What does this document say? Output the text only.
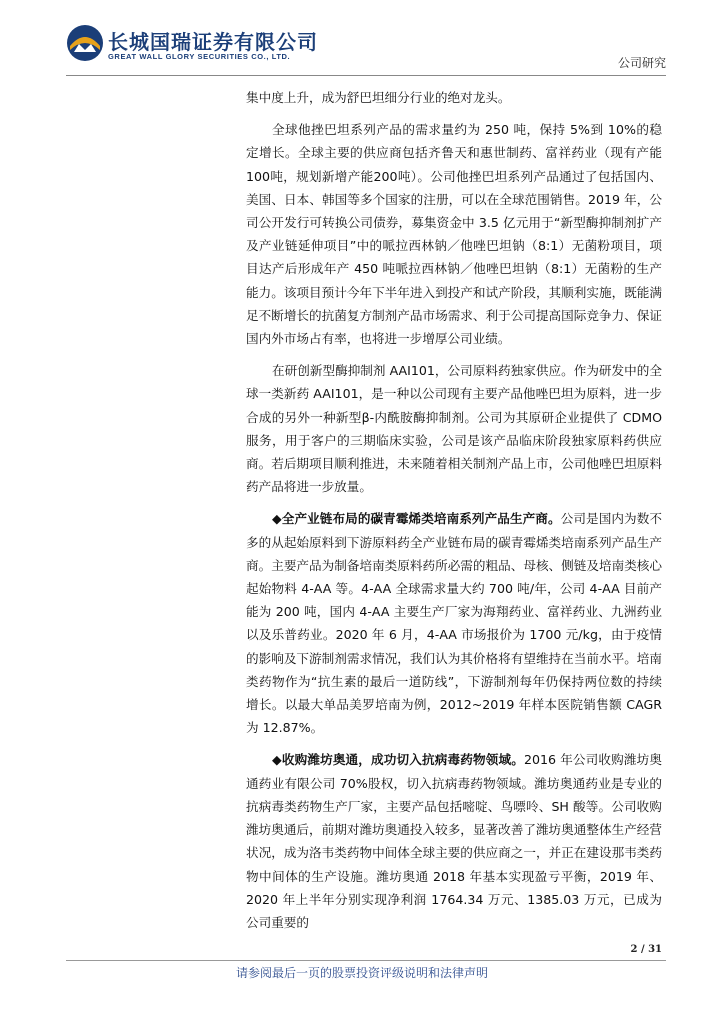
长城国瑞证券有限公司
GREAT WALL GLORY SECURITIES CO., LTD.	公司研究

集中度上升，成为舒巴坦细分行业的绝对龙头。

全球他挫巴坦系列产品的需求量约为 250 吨，保持 5%到 10%的稳定增长。全球主要的供应商包括齐鲁天和惠世制药、富祥药业（现有产能100吨，规划新增产能200吨）。公司他挫巴坦系列产品通过了包括国内、美国、日本、韩国等多个国家的注册，可以在全球范围销售。2019 年，公司公开发行可转换公司债券，募集资金中 3.5 亿元用于“新型酶抑制剂扩产及产业链延伸项目”中的哌拉西林钠／他唑巴坦钠（8:1）无菌粉项目，项目达产后形成年产 450 吨哌拉西林钠／他唑巴坦钠（8:1）无菌粉的生产能力。该项目预计今年下半年进入到投产和试产阶段，其顺利实施，既能满足不断增长的抗菌复方制剂产品市场需求、利于公司提高国际竞争力、保证国内外市场占有率，也将进一步增厚公司业绩。

在研创新型酶抑制剂 AAI101，公司原料药独家供应。作为研发中的全球一类新药 AAI101，是一种以公司现有主要产品他唑巴坦为原料，进一步合成的另外一种新型β-内酰胺酶抑制剂。公司为其原研企业提供了 CDMO 服务，用于客户的三期临床实验，公司是该产品临床阶段独家原料药供应商。若后期项目顺利推进，未来随着相关制剂产品上市，公司他唑巴坦原料药产品将进一步放量。

◆全产业链布局的碳青霉烯类培南系列产品生产商。公司是国内为数不多的从起始原料到下游原料药全产业链布局的碳青霉烯类培南系列产品生产商。主要产品为制备培南类原料药所必需的粗品、母核、侧链及培南类核心起始物料 4-AA 等。4-AA 全球需求量大约 700 吨/年，公司 4-AA 目前产能为 200 吨，国内 4-AA 主要生产厂家为海翔药业、富祥药业、九洲药业以及乐普药业。2020 年 6 月，4-AA 市场报价为 1700 元/kg，由于疫情的影响及下游制剂需求情况，我们认为其价格将有望维持在当前水平。培南类药物作为“抗生素的最后一道防线”，下游制剂每年仍保持两位数的持续增长。以最大单品美罗培南为例，2012~2019 年样本医院销售额 CAGR 为 12.87%。

◆收购潍坊奥通，成功切入抗病毒药物领域。2016 年公司收购潍坊奥通药业有限公司 70%股权，切入抗病毒药物领域。潍坊奥通药业是专业的抗病毒类药物生产厂家，主要产品包括嘧啶、鸟嘌呤、SH 酸等。公司收购潍坊奥通后，前期对潍坊奥通投入较多，显著改善了潍坊奥通整体生产经营状况，成为洛韦类药物中间体全球主要的供应商之一，并正在建设那韦类药物中间体的生产设施。潍坊奥通 2018 年基本实现盈亏平衡，2019 年、2020 年上半年分别实现净利润 1764.34 万元、1385.03 万元，已成为公司重要的

2 / 31
请参阅最后一页的股票投资评级说明和法律声明
